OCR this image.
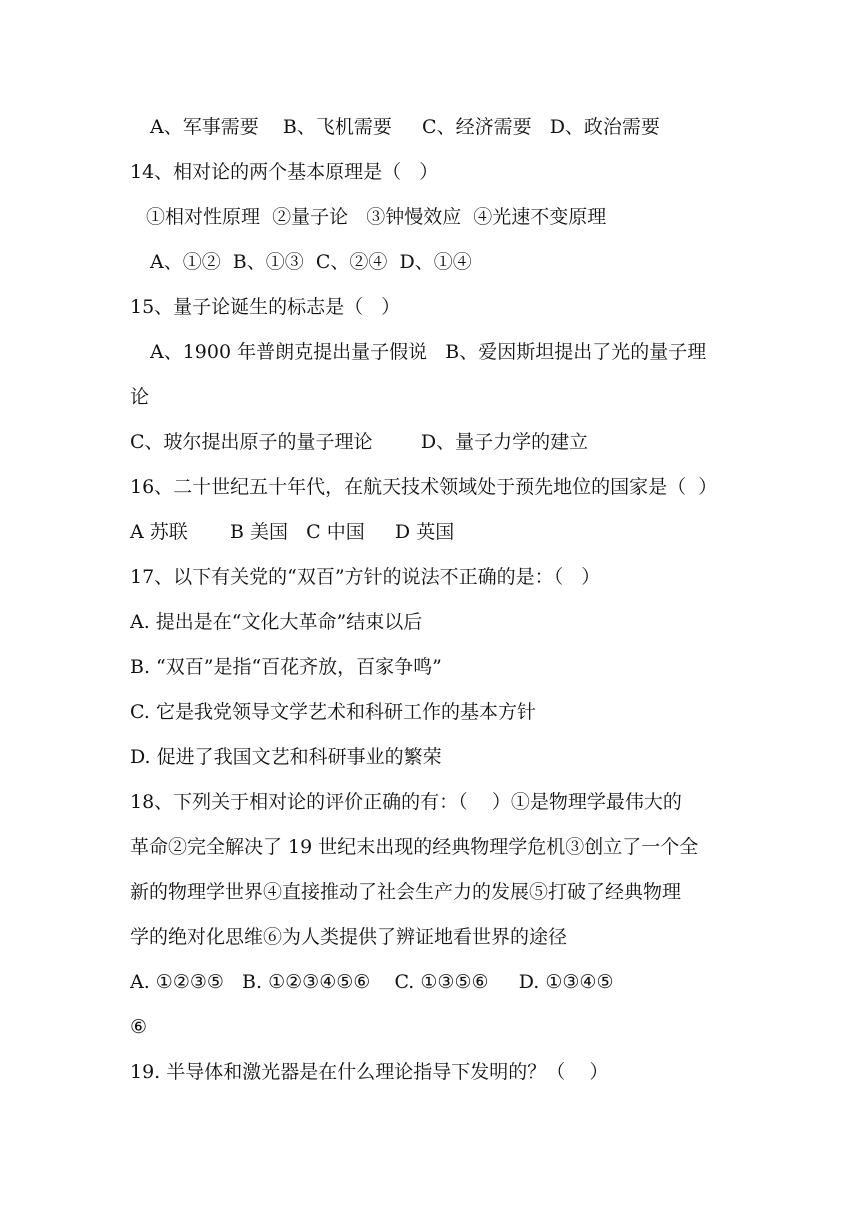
A、军事需要    B、飞机需要     C、经济需要   D、政治需要
14、相对论的两个基本原理是（   ）
①相对性原理  ②量子论   ③钟慢效应  ④光速不变原理
A、①②  B、①③  C、②④  D、①④
15、量子论诞生的标志是（   ）
A、1900 年普朗克提出量子假说   B、爱因斯坦提出了光的量子理
论
C、玻尔提出原子的量子理论        D、量子力学的建立
16、二十世纪五十年代，在航天技术领域处于预先地位的国家是（  ）
A 苏联       B 美国   C 中国     D 英国
17、以下有关党的“双百”方针的说法不正确的是：（   ）
A. 提出是在“文化大革命”结束以后
B. “双百”是指“百花齐放，百家争鸣”
C. 它是我党领导文学艺术和科研工作的基本方针
D. 促进了我国文艺和科研事业的繁荣
18、下列关于相对论的评价正确的有：（    ）①是物理学最伟大的
革命②完全解决了 19 世纪末出现的经典物理学危机③创立了一个全
新的物理学世界④直接推动了社会生产力的发展⑤打破了经典物理
学的绝对化思维⑥为人类提供了辨证地看世界的途径
A. ①②③⑤   B. ①②③④⑤⑥    C. ①③⑤⑥     D. ①③④⑤
⑥
19. 半导体和激光器是在什么理论指导下发明的？（    ）
